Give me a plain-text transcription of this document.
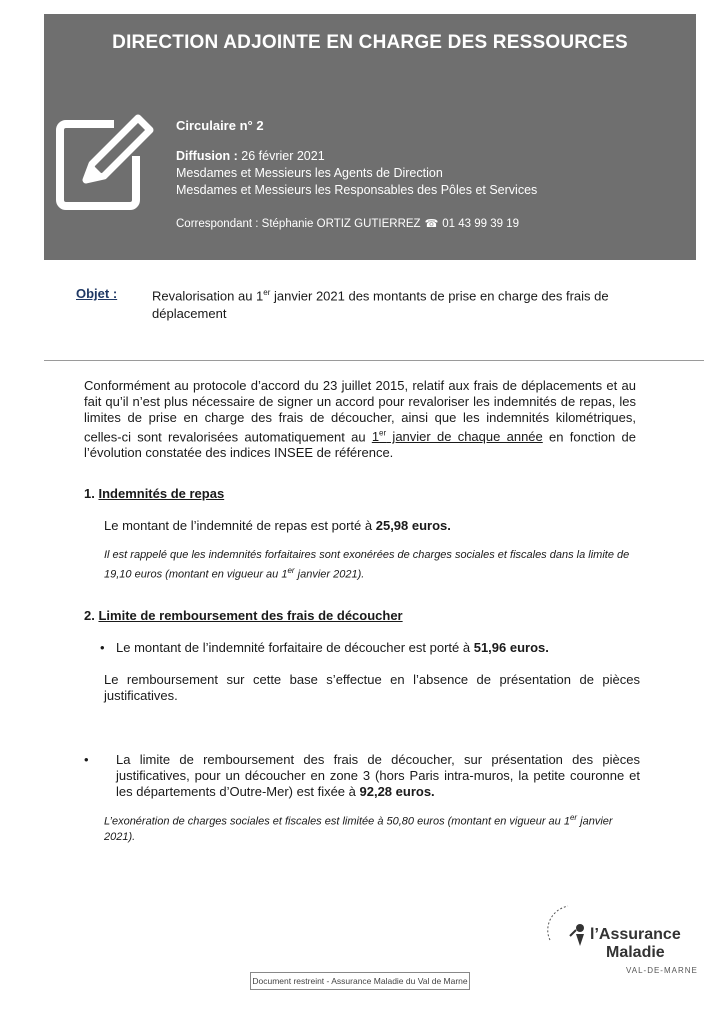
DIRECTION ADJOINTE EN CHARGE DES RESSOURCES
Circulaire n° 2
Diffusion : 26 février 2021
Mesdames et Messieurs les Agents de Direction
Mesdames et Messieurs les Responsables des Pôles et Services
Correspondant : Stéphanie ORTIZ GUTIERREZ ☎ 01 43 99 39 19
Objet :	Revalorisation au 1er janvier 2021 des montants de prise en charge des frais de déplacement
Conformément au protocole d’accord du 23 juillet 2015, relatif aux frais de déplacements et au fait qu’il n’est plus nécessaire de signer un accord pour revaloriser les indemnités de repas, les limites de prise en charge des frais de découcher, ainsi que les indemnités kilométriques, celles-ci sont revalorisées automatiquement au 1er janvier de chaque année en fonction de l’évolution constatée des indices INSEE de référence.
1. Indemnités de repas
Le montant de l’indemnité de repas est porté à 25,98 euros.
Il est rappelé que les indemnités forfaitaires sont exonérées de charges sociales et fiscales dans la limite de 19,10 euros (montant en vigueur au 1er janvier 2021).
2. Limite de remboursement des frais de découcher
• Le montant de l’indemnité forfaitaire de découcher est porté à 51,96 euros.
Le remboursement sur cette base s’effectue en l’absence de présentation de pièces justificatives.
• La limite de remboursement des frais de découcher, sur présentation des pièces justificatives, pour un découcher en zone 3 (hors Paris intra-muros, la petite couronne et les départements d’Outre-Mer) est fixée à 92,28 euros.
L’exonération de charges sociales et fiscales est limitée à 50,80 euros (montant en vigueur au 1er janvier 2021).
l’Assurance
Maladie
VAL-DE-MARNE
Document restreint - Assurance Maladie du Val de Marne
